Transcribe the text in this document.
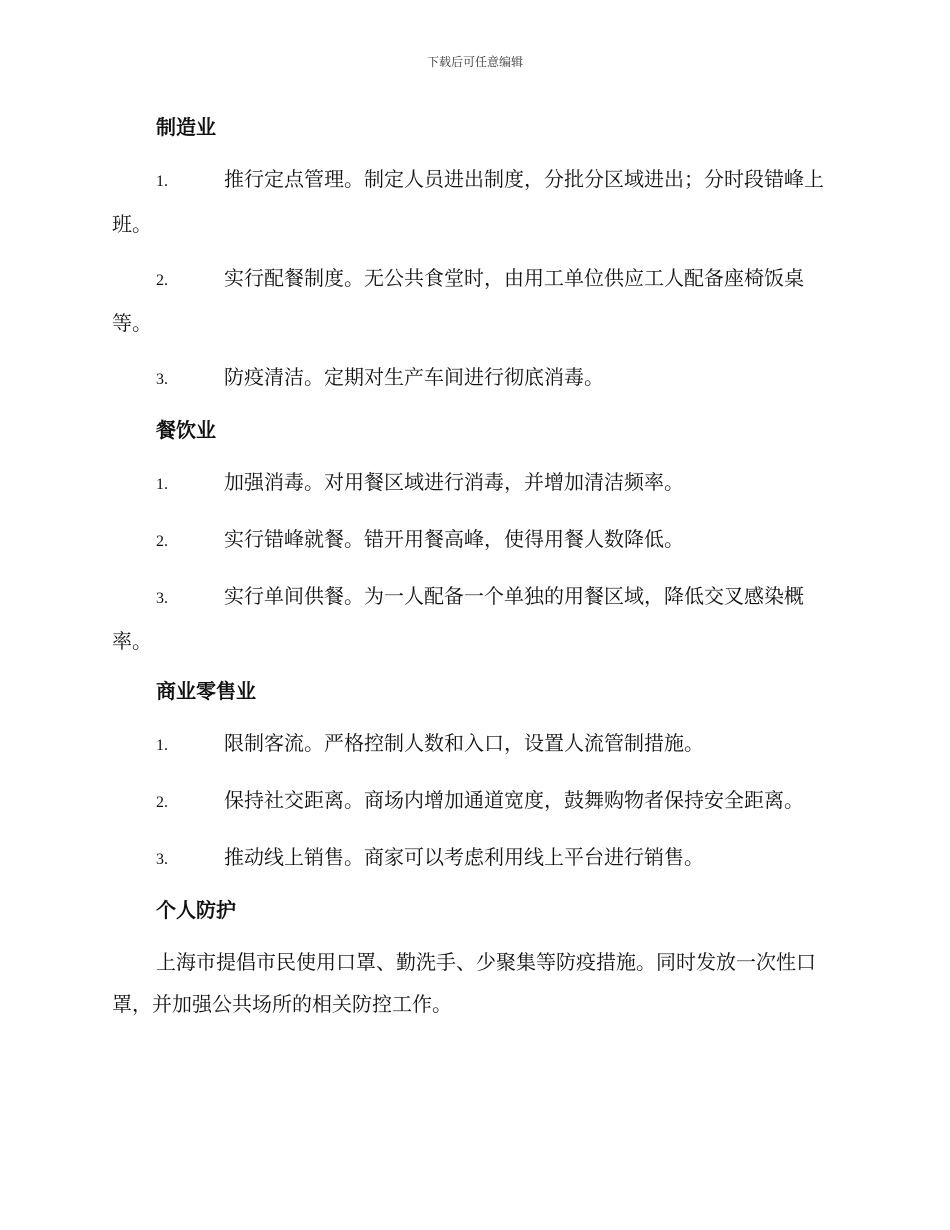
下载后可任意编辑
制造业

1.	推行定点管理。制定人员进出制度，分批分区域进出；分时段错峰上班。

2.	实行配餐制度。无公共食堂时，由用工单位供应工人配备座椅饭桌等。

3.	防疫清洁。定期对生产车间进行彻底消毒。

餐饮业

1.	加强消毒。对用餐区域进行消毒，并增加清洁频率。

2.	实行错峰就餐。错开用餐高峰，使得用餐人数降低。

3.	实行单间供餐。为一人配备一个单独的用餐区域，降低交叉感染概率。

商业零售业

1.	限制客流。严格控制人数和入口，设置人流管制措施。

2.	保持社交距离。商场内增加通道宽度，鼓舞购物者保持安全距离。

3.	推动线上销售。商家可以考虑利用线上平台进行销售。

个人防护

上海市提倡市民使用口罩、勤洗手、少聚集等防疫措施。同时发放一次性口罩，并加强公共场所的相关防控工作。
